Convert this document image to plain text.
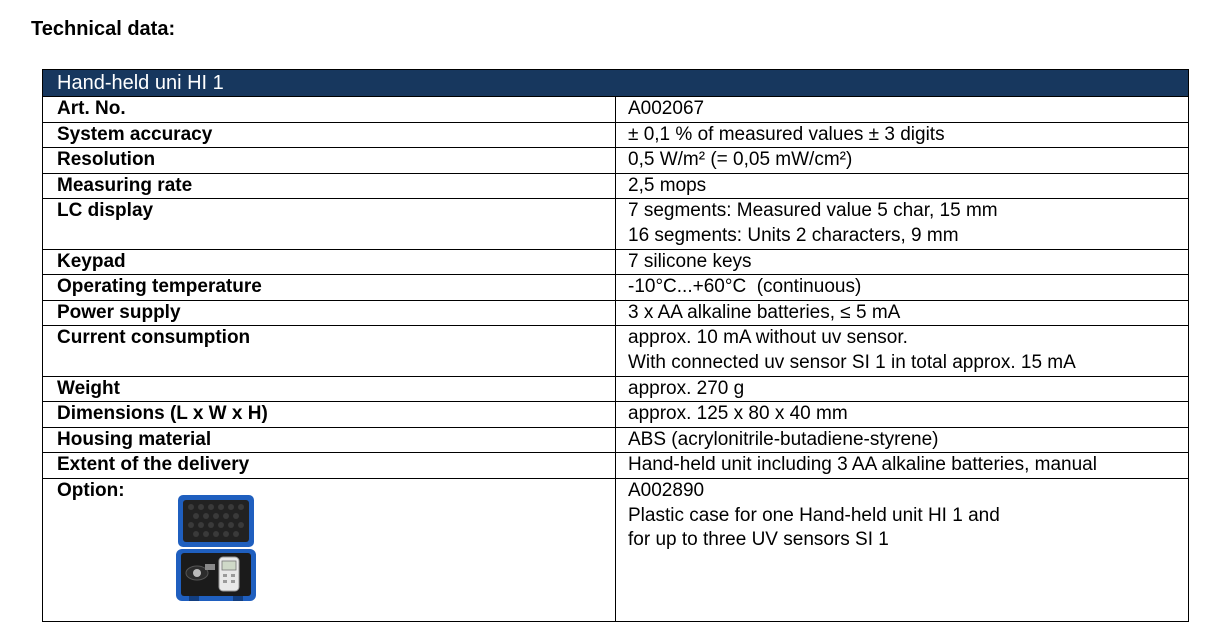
Technical data:
Hand-held uni HI 1	
Art. No.	A002067

System accuracy	± 0,1 % of measured values ± 3 digits

Resolution	0,5 W/m² (= 0,05 mW/cm²)

Measuring rate	2,5 mops

LC display	7 segments: Measured value 5 char, 15 mm
16 segments: Units 2 characters, 9 mm

Keypad	7 silicone keys

Operating temperature	-10°C...+60°C  (continuous)

Power supply	3 x AA alkaline batteries, ≤ 5 mA

Current consumption	approx. 10 mA without uv sensor.
With connected uv sensor SI 1 in total approx. 15 mA

Weight	approx. 270 g

Dimensions (L x W x H)	approx. 125 x 80 x 40 mm

Housing material	ABS (acrylonitrile-butadiene-styrene)

Extent of the delivery	Hand-held unit including 3 AA alkaline batteries, manual

Option:	A002890
Plastic case for one Hand-held unit HI 1 and
for up to three UV sensors SI 1
